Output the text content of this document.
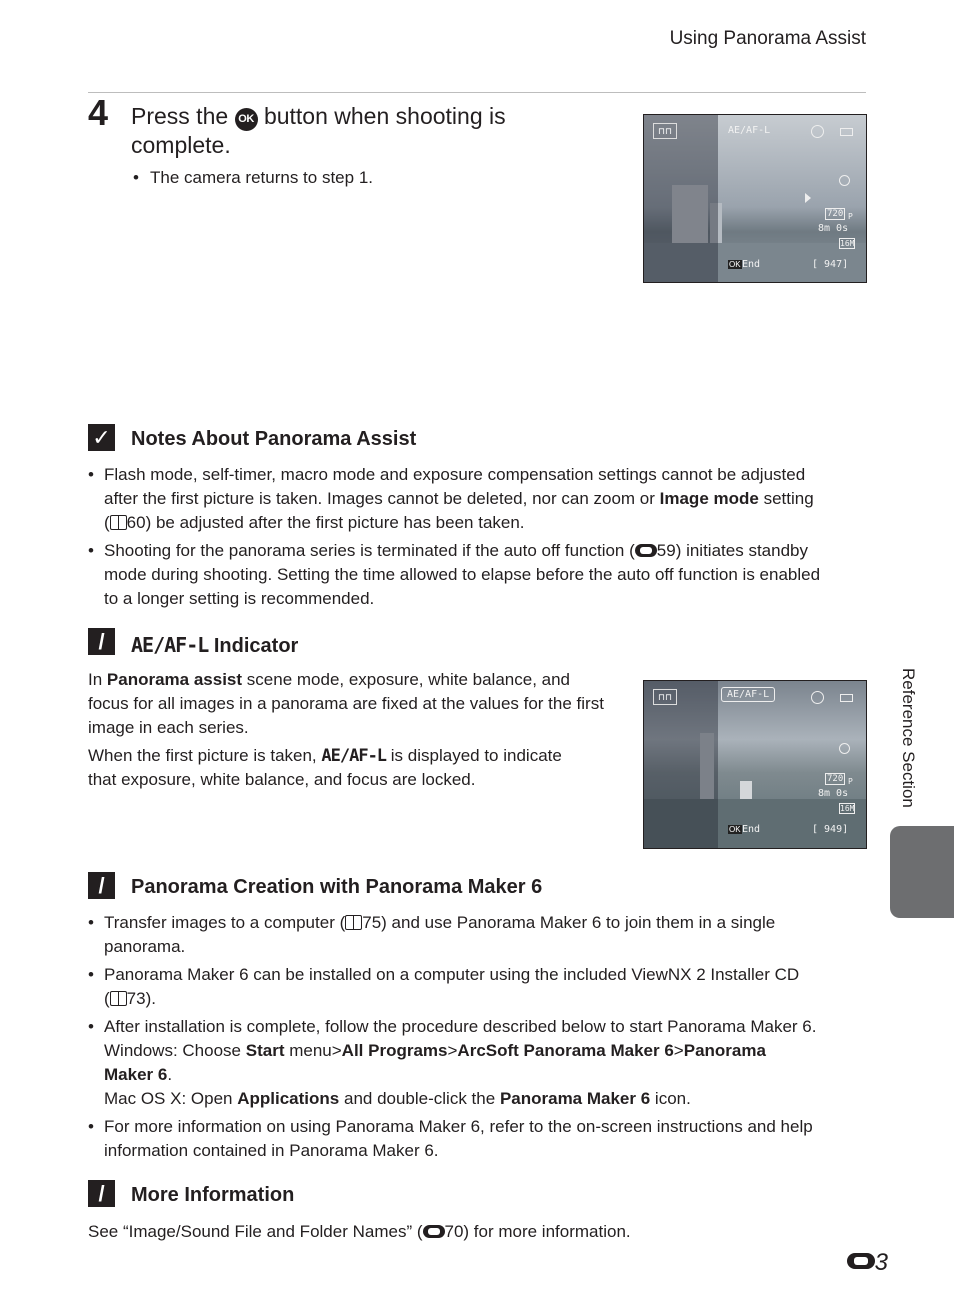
Using Panorama Assist
4 Press the OK button when shooting is complete.
• The camera returns to step 1.
⊓⊓	AE/AF-L
720 P
8m 0s
16M
OK End	[ 947]
✓ Notes About Panorama Assist
• Flash mode, self-timer, macro mode and exposure compensation settings cannot be adjusted
after the first picture is taken. Images cannot be deleted, nor can zoom or Image mode setting
( 60) be adjusted after the first picture has been taken.
• Shooting for the panorama series is terminated if the auto off function ( 59) initiates standby
mode during shooting. Setting the time allowed to elapse before the auto off function is enabled
to a longer setting is recommended.
/	AE/AF-L Indicator
In Panorama assist scene mode, exposure, white balance, and
focus for all images in a panorama are fixed at the values for the first
image in each series.
When the first picture is taken, AE/AF-L is displayed to indicate
that exposure, white balance, and focus are locked.
⊓⊓	AE/AF-L
720 P
8m 0s
16M
OK End	[ 949]
/	Panorama Creation with Panorama Maker 6
• Transfer images to a computer ( 75) and use Panorama Maker 6 to join them in a single
panorama.
• Panorama Maker 6 can be installed on a computer using the included ViewNX 2 Installer CD
( 73).
• After installation is complete, follow the procedure described below to start Panorama Maker 6.
Windows: Choose Start menu>All Programs>ArcSoft Panorama Maker 6>Panorama
Maker 6.
Mac OS X: Open Applications and double-click the Panorama Maker 6 icon.
• For more information on using Panorama Maker 6, refer to the on-screen instructions and help
information contained in Panorama Maker 6.
/	More Information
See “Image/Sound File and Folder Names” ( 70) for more information.
Reference Section
3
